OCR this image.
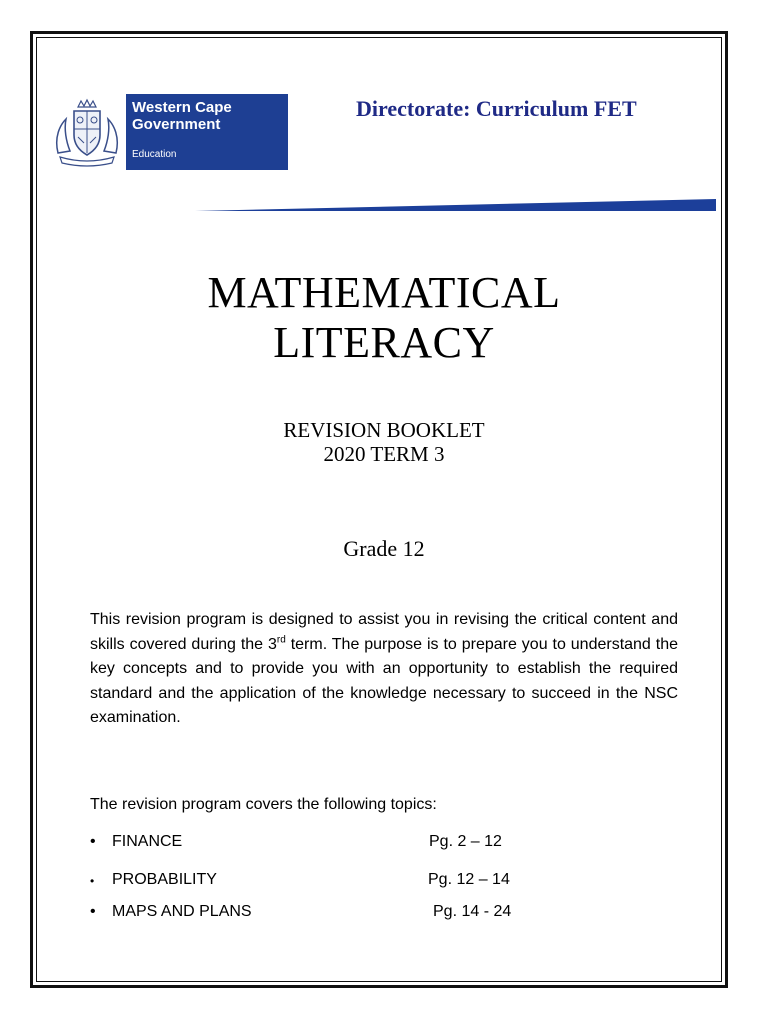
Western Cape
Government
Education
Directorate: Curriculum FET
MATHEMATICAL
LITERACY
REVISION BOOKLET
2020 TERM 3
Grade 12
This revision program is designed to assist you in revising the critical content and skills covered during the 3rd term. The purpose is to prepare you to understand the key concepts and to provide you with an opportunity to establish the required standard and the application of the knowledge necessary to succeed in the NSC examination.
The revision program covers the following topics:
• FINANCE	Pg. 2 – 12
• PROBABILITY	Pg. 12 – 14
• MAPS AND PLANS	Pg. 14 - 24
